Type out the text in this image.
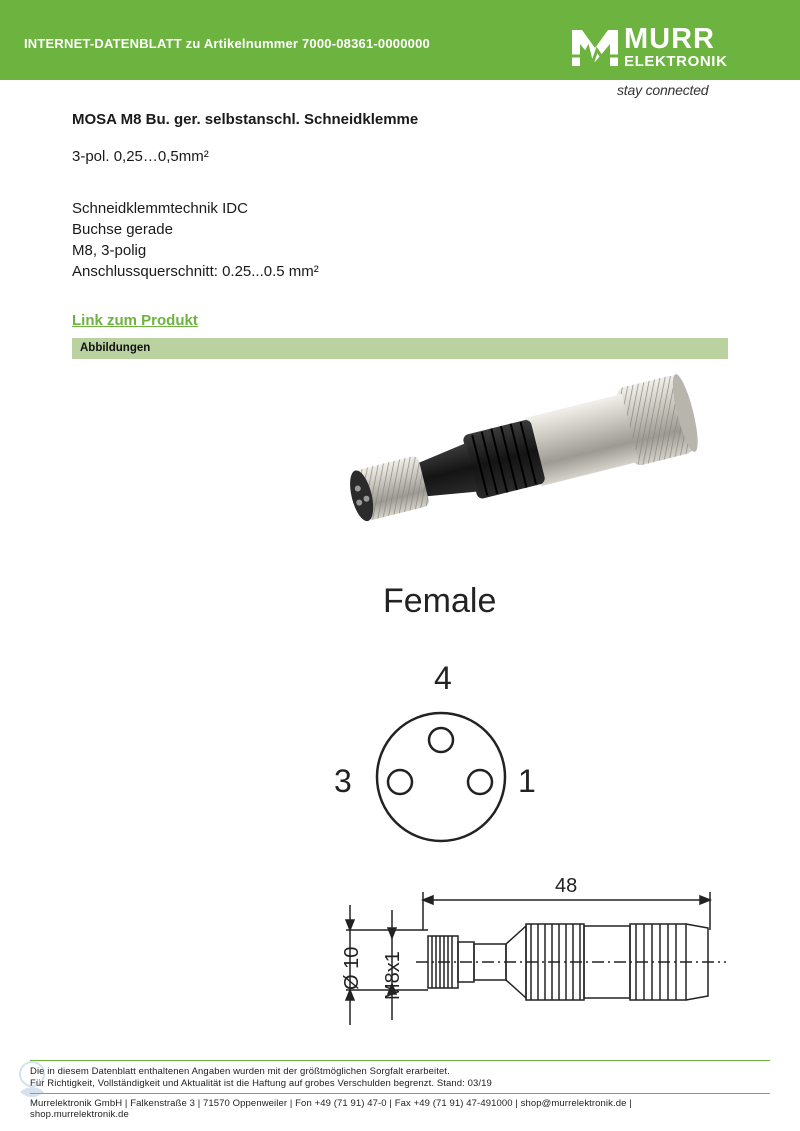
INTERNET-DATENBLATT zu Artikelnummer 7000-08361-0000000	MURR
ELEKTRONIK
stay connected
MOSA M8 Bu. ger. selbstanschl. Schneidklemme
3-pol. 0,25…0,5mm²
Schneidklemmtechnik IDC
Buchse gerade
M8, 3-polig
Anschlussquerschnitt: 0.25...0.5 mm²
Link zum Produkt
Abbildungen
Female
4
3	1
48
Ø 10 M8x1
Die in diesem Datenblatt enthaltenen Angaben wurden mit der größtmöglichen Sorgfalt erarbeitet.
Für Richtigkeit, Vollständigkeit und Aktualität ist die Haftung auf grobes Verschulden begrenzt. Stand: 03/19
Murrelektronik GmbH | Falkenstraße 3 | 71570 Oppenweiler | Fon +49 (71 91) 47-0 | Fax +49 (71 91) 47-491000 | shop@murrelektronik.de |
shop.murrelektronik.de
